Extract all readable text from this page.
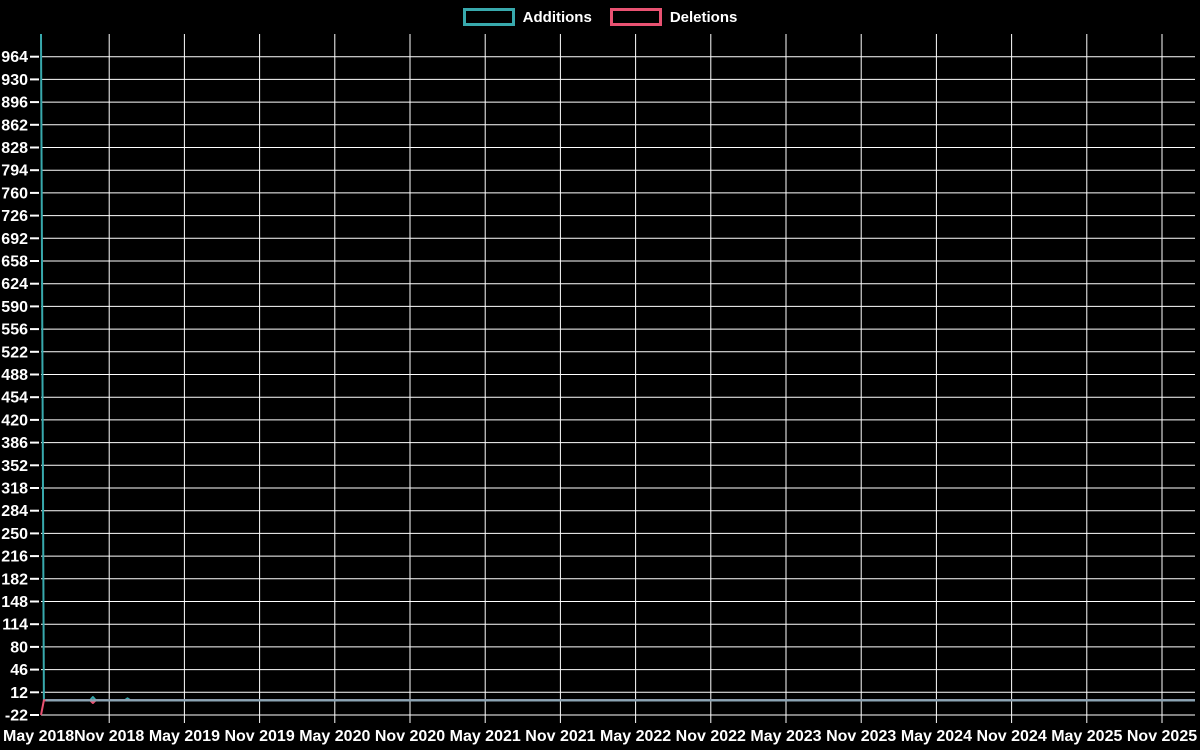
Additions	Deletions
-22
12
46
80
114
148
182
216
250
284
318
352
386
420
454
488
522
556
590
624
658
692
726
760
794
828
862
896
930
964
May 2018 Nov 2018 May 2019 Nov 2019 May 2020 Nov 2020 May 2021 Nov 2021 May 2022 Nov 2022 May 2023 Nov 2023 May 2024 Nov 2024 May 2025 Nov 2025
